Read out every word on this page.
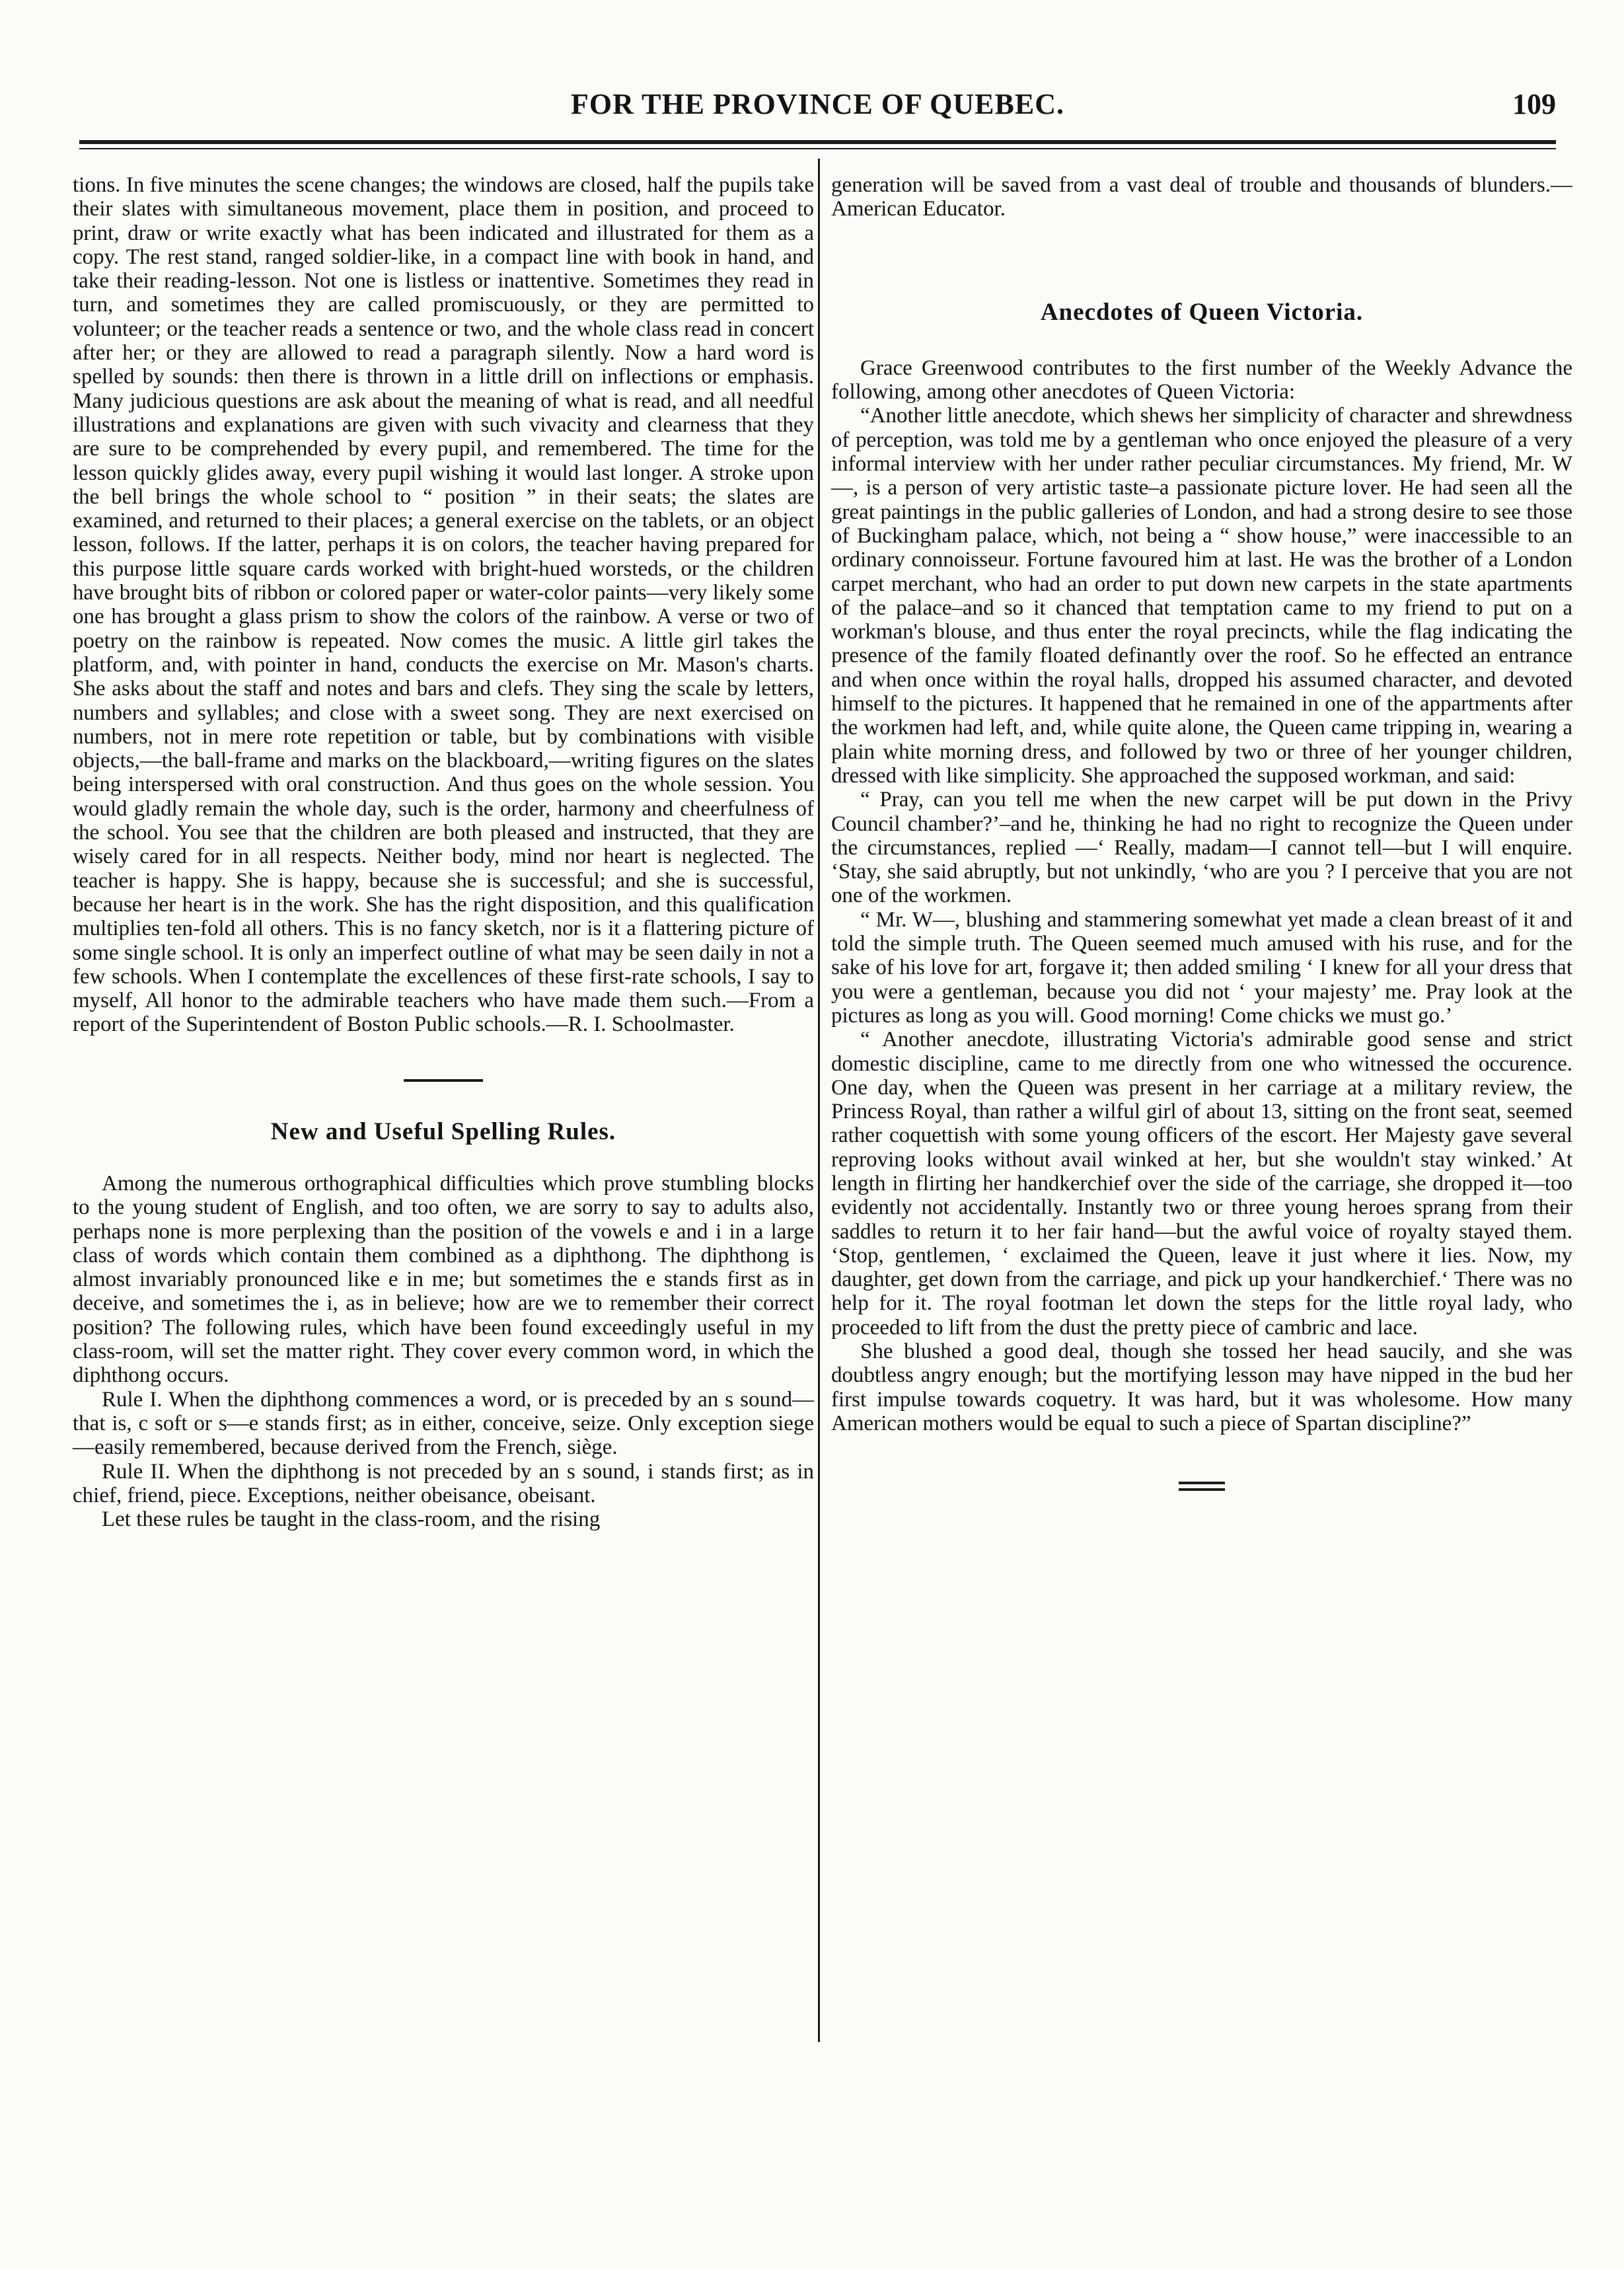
FOR THE PROVINCE OF QUEBEC.	109

tions. In five minutes the scene changes; the windows are closed, half the pupils take their slates with simultaneous movement, place them in position, and proceed to print, draw or write exactly what has been indicated and illustrated for them as a copy. The rest stand, ranged soldier-like, in a compact line with book in hand, and take their reading-lesson. Not one is listless or inattentive. Sometimes they read in turn, and sometimes they are called promiscuously, or they are permitted to volunteer; or the teacher reads a sentence or two, and the whole class read in concert after her; or they are allowed to read a paragraph silently. Now a hard word is spelled by sounds: then there is thrown in a little drill on inflections or emphasis. Many judicious questions are ask about the meaning of what is read, and all needful illustrations and explanations are given with such vivacity and clearness that they are sure to be comprehended by every pupil, and remembered. The time for the lesson quickly glides away, every pupil wishing it would last longer. A stroke upon the bell brings the whole school to “ position ” in their seats; the slates are examined, and returned to their places; a general exercise on the tablets, or an object lesson, follows. If the latter, perhaps it is on colors, the teacher having prepared for this purpose little square cards worked with bright-hued worsteds, or the children have brought bits of ribbon or colored paper or water-color paints—very likely some one has brought a glass prism to show the colors of the rainbow. A verse or two of poetry on the rainbow is repeated. Now comes the music. A little girl takes the platform, and, with pointer in hand, conducts the exercise on Mr. Mason's charts. She asks about the staff and notes and bars and clefs. They sing the scale by letters, numbers and syllables; and close with a sweet song. They are next exercised on numbers, not in mere rote repetition or table, but by combinations with visible objects,—the ball-frame and marks on the blackboard,—writing figures on the slates being interspersed with oral construction. And thus goes on the whole session. You would gladly remain the whole day, such is the order, harmony and cheerfulness of the school. You see that the children are both pleased and instructed, that they are wisely cared for in all respects. Neither body, mind nor heart is neglected. The teacher is happy. She is happy, because she is successful; and she is successful, because her heart is in the work. She has the right disposition, and this qualification multiplies ten-fold all others. This is no fancy sketch, nor is it a flattering picture of some single school. It is only an imperfect outline of what may be seen daily in not a few schools. When I contemplate the excellences of these first-rate schools, I say to myself, All honor to the admirable teachers who have made them such.—From a report of the Superintendent of Boston Public schools.—R. I. Schoolmaster.

New and Useful Spelling Rules.

Among the numerous orthographical difficulties which prove stumbling blocks to the young student of English, and too often, we are sorry to say to adults also, perhaps none is more perplexing than the position of the vowels e and i in a large class of words which contain them combined as a diphthong. The diphthong is almost invariably pronounced like e in me; but sometimes the e stands first as in deceive, and sometimes the i, as in believe; how are we to remember their correct position? The following rules, which have been found exceedingly useful in my class-room, will set the matter right. They cover every common word, in which the diphthong occurs.

Rule I. When the diphthong commences a word, or is preceded by an s sound—that is, c soft or s—e stands first; as in either, conceive, seize. Only exception siege—easily remembered, because derived from the French, siège.

Rule II. When the diphthong is not preceded by an s sound, i stands first; as in chief, friend, piece. Exceptions, neither obeisance, obeisant.

Let these rules be taught in the class-room, and the rising

generation will be saved from a vast deal of trouble and thousands of blunders.—American Educator.

Anecdotes of Queen Victoria.

Grace Greenwood contributes to the first number of the Weekly Advance the following, among other anecdotes of Queen Victoria:

“Another little anecdote, which shews her simplicity of character and shrewdness of perception, was told me by a gentleman who once enjoyed the pleasure of a very informal interview with her under rather peculiar circumstances. My friend, Mr. W—, is a person of very artistic taste–a passionate picture lover. He had seen all the great paintings in the public galleries of London, and had a strong desire to see those of Buckingham palace, which, not being a “ show house,” were inaccessible to an ordinary connoisseur. Fortune favoured him at last. He was the brother of a London carpet merchant, who had an order to put down new carpets in the state apartments of the palace–and so it chanced that temptation came to my friend to put on a workman's blouse, and thus enter the royal precincts, while the flag indicating the presence of the family floated definantly over the roof. So he effected an entrance and when once within the royal halls, dropped his assumed character, and devoted himself to the pictures. It happened that he remained in one of the appartments after the workmen had left, and, while quite alone, the Queen came tripping in, wearing a plain white morning dress, and followed by two or three of her younger children, dressed with like simplicity. She approached the supposed workman, and said:

“ Pray, can you tell me when the new carpet will be put down in the Privy Council chamber?’–and he, thinking he had no right to recognize the Queen under the circumstances, replied —‘ Really, madam—I cannot tell—but I will enquire. ‘Stay, she said abruptly, but not unkindly, ‘who are you ? I perceive that you are not one of the workmen.

“ Mr. W—, blushing and stammering somewhat yet made a clean breast of it and told the simple truth. The Queen seemed much amused with his ruse, and for the sake of his love for art, forgave it; then added smiling ‘ I knew for all your dress that you were a gentleman, because you did not ‘ your majesty’ me. Pray look at the pictures as long as you will. Good morning! Come chicks we must go.’

“ Another anecdote, illustrating Victoria's admirable good sense and strict domestic discipline, came to me directly from one who witnessed the occurence. One day, when the Queen was present in her carriage at a military review, the Princess Royal, than rather a wilful girl of about 13, sitting on the front seat, seemed rather coquettish with some young officers of the escort. Her Majesty gave several reproving looks without avail winked at her, but she wouldn't stay winked.’ At length in flirting her handkerchief over the side of the carriage, she dropped it—too evidently not accidentally. Instantly two or three young heroes sprang from their saddles to return it to her fair hand—but the awful voice of royalty stayed them. ‘Stop, gentlemen, ‘ exclaimed the Queen, leave it just where it lies. Now, my daughter, get down from the carriage, and pick up your handkerchief.‘ There was no help for it. The royal footman let down the steps for the little royal lady, who proceeded to lift from the dust the pretty piece of cambric and lace.

She blushed a good deal, though she tossed her head saucily, and she was doubtless angry enough; but the mortifying lesson may have nipped in the bud her first impulse towards coquetry. It was hard, but it was wholesome. How many American mothers would be equal to such a piece of Spartan discipline?”
